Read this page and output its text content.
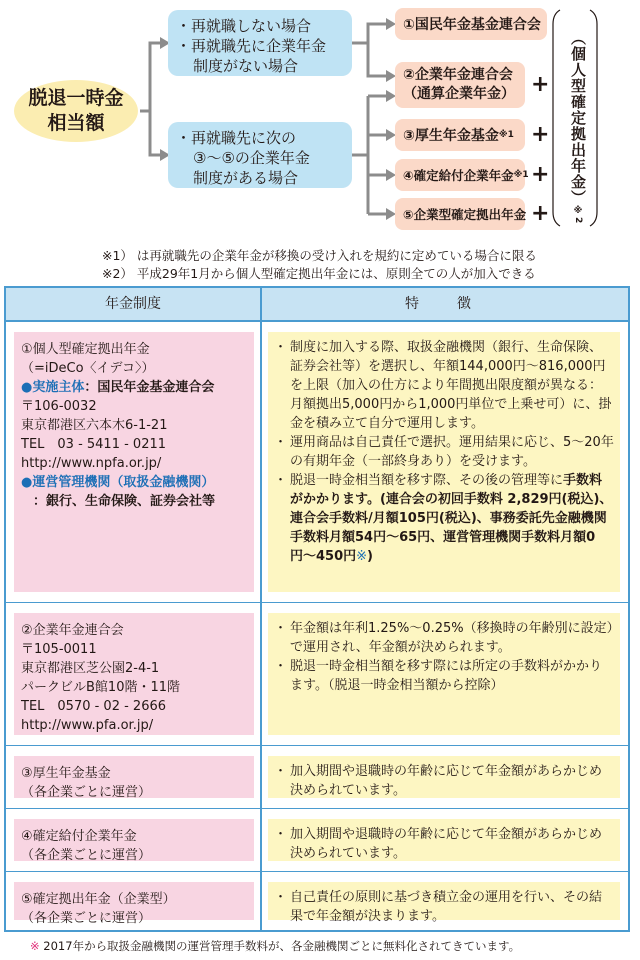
脱退一時金
相当額
・再就職しない場合
・再就職先に企業年金
制度がない場合
・再就職先に次の
③〜⑤の企業年金
制度がある場合
①国民年金基金連合会
②企業年金連合会
（通算企業年金） +
③厚生年金基金 ※1 +
④確定給付企業年金 ※1 +
⑤企業型確定拠出年金 +
（個人型確定拠出年金）※2
※1） は再就職先の企業年金が移換の受け入れを規約に定めている場合に限る
※2） 平成29年1月から個人型確定拠出年金には、原則全ての人が加入できる
年金制度	特　徴
①個人型確定拠出年金
（=iDeCo〈イデコ〉）
●実施主体：国民年金基金連合会
〒106-0032
東京都港区六本木6-1-21
TEL　03 - 5411 - 0211
http://www.npfa.or.jp/
●運営管理機関（取扱金融機関）
：銀行、生命保険、証券会社等
・ 制度に加入する際、取扱金融機関（銀行、生命保険、証券会社等）を選択し、年額144,000円〜816,000円を上限（加入の仕方により年間拠出限度額が異なる：月額拠出5,000円から1,000円単位で上乗せ可）に、掛金を積み立て自分で運用します。
・ 運用商品は自己責任で選択。運用結果に応じ、5〜20年の有期年金（一部終身あり）を受けます。
・ 脱退一時金相当額を移す際、その後の管理等に手数料がかかります。(連合会の初回手数料 2,829円(税込)、連合会手数料/月額105円(税込)、事務委託先金融機関手数料月額54円〜65円、運営管理機関手数料月額0円〜450円※)
②企業年金連合会
〒105-0011
東京都港区芝公園2-4-1
パークビルB館10階・11階
TEL　0570 - 02 - 2666
http://www.pfa.or.jp/
・ 年金額は年利1.25%〜0.25%（移換時の年齢別に設定）で運用され、年金額が決められます。
・ 脱退一時金相当額を移す際には所定の手数料がかかります。（脱退一時金相当額から控除）
③厚生年金基金
（各企業ごとに運営）
・ 加入期間や退職時の年齢に応じて年金額があらかじめ決められています。
④確定給付企業年金
（各企業ごとに運営）
・ 加入期間や退職時の年齢に応じて年金額があらかじめ決められています。
⑤確定拠出年金（企業型）
（各企業ごとに運営）
・ 自己責任の原則に基づき積立金の運用を行い、その結果で年金額が決まります。
※ 2017年から取扱金融機関の運営管理手数料が、各金融機関ごとに無料化されてきています。
